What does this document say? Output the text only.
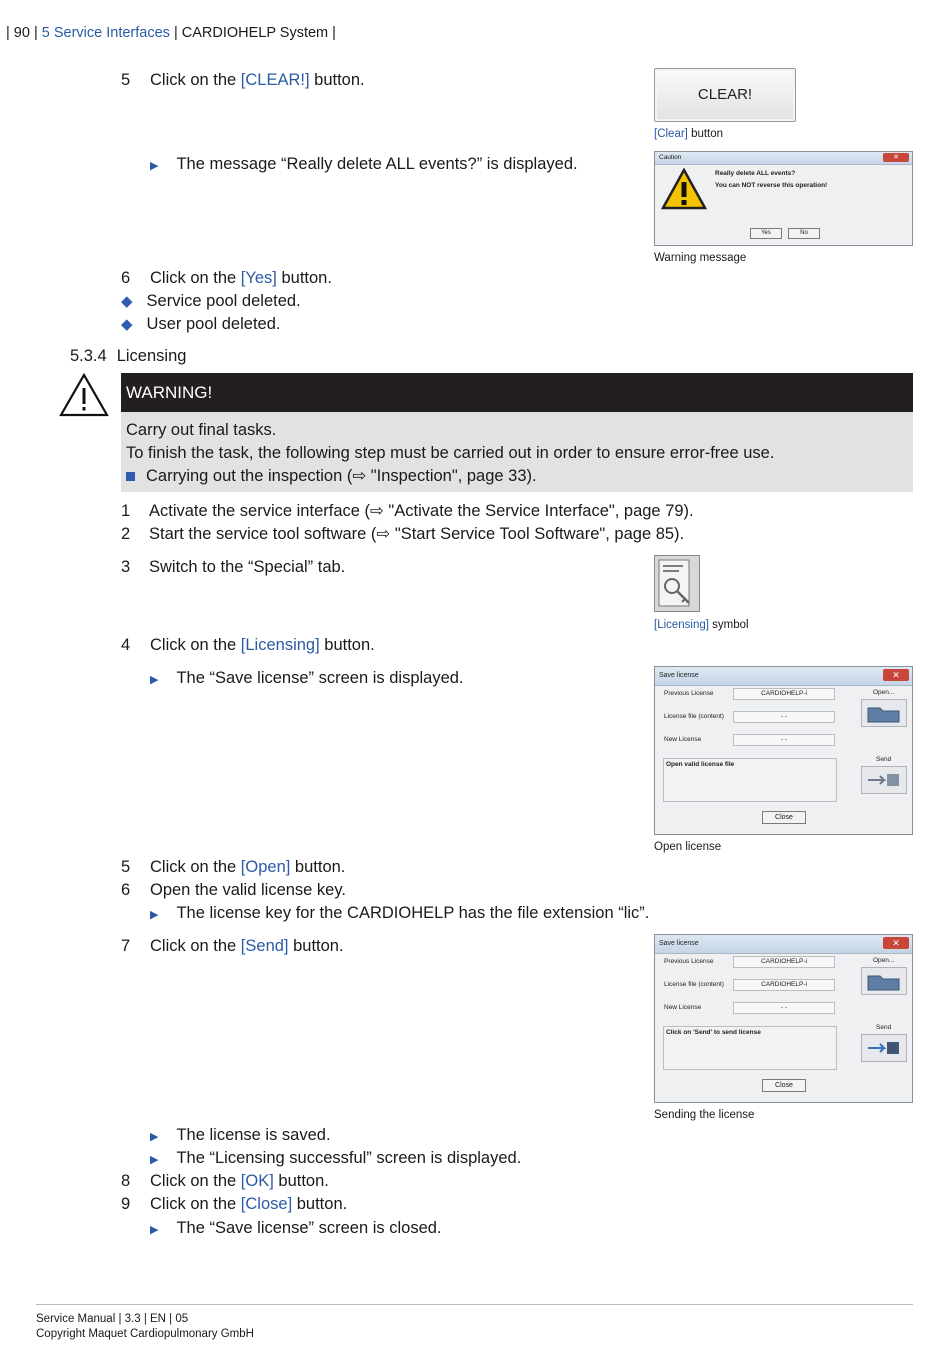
| 90 | 5 Service Interfaces | CARDIOHELP System |
5 Click on the [CLEAR!] button.
CLEAR!
[Clear] button
▶ The message “Really delete ALL events?” is displayed.	Caution	✕
Really delete ALL events?
You can NOT reverse this operation!
Yes	No
Warning message
6 Click on the [Yes] button.
◆ Service pool deleted.
◆ User pool deleted.
5.3.4 Licensing
WARNING!
Carry out final tasks.
To finish the task, the following step must be carried out in order to ensure error-free use.
Carrying out the inspection (⇨ "Inspection", page 33).
1 Activate the service interface (⇨ "Activate the Service Interface", page 79).
2 Start the service tool software (⇨ "Start Service Tool Software", page 85).
3 Switch to the “Special” tab.
[Licensing] symbol
4 Click on the [Licensing] button.
▶ The “Save license” screen is displayed.	Save license	✕
Previous License	CARDIOHELP-i
License file (content)	- -
New License	- -
Open valid license file
Open...
Send
Close
Open license
5 Click on the [Open] button.
6 Open the valid license key.
▶ The license key for the CARDIOHELP has the file extension “lic”.
7 Click on the [Send] button.	Save license	✕
Previous License	CARDIOHELP-i
License file (content)	CARDIOHELP-i
New License	- -
Click on 'Send' to send license
Open...
Send
Close
Sending the license
▶ The license is saved.
▶ The “Licensing successful” screen is displayed.
8 Click on the [OK] button.
9 Click on the [Close] button.
▶ The “Save license” screen is closed.
Service Manual | 3.3 | EN | 05
Copyright Maquet Cardiopulmonary GmbH
